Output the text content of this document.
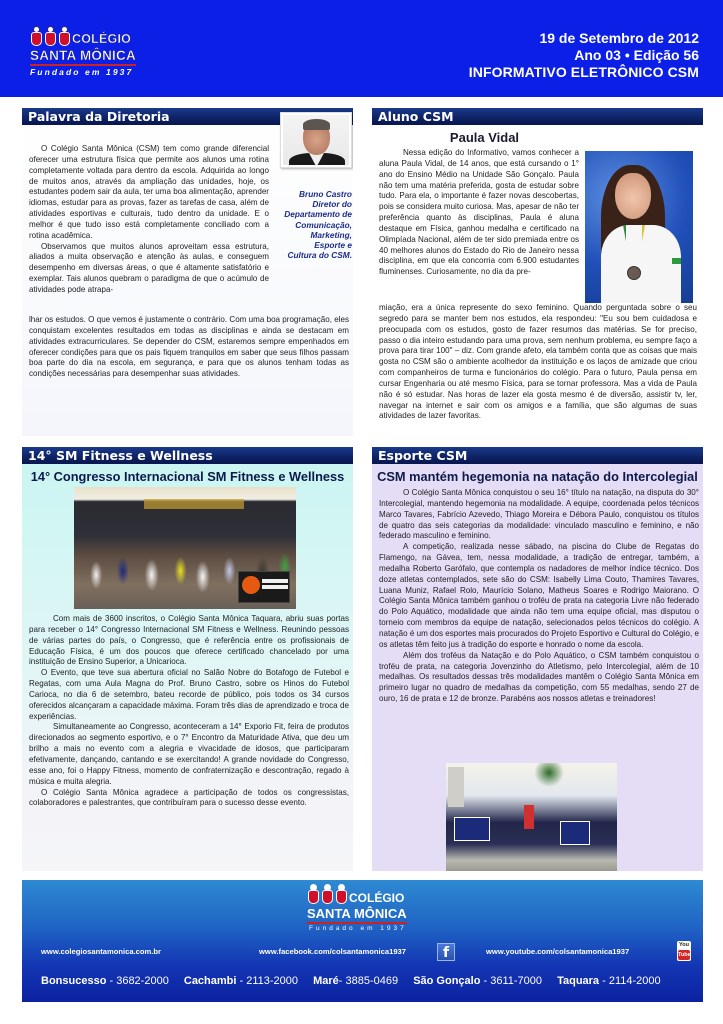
COLÉGIO
SANTA MÔNICA
Fundado em 1937
19 de Setembro de 2012
Ano 03 • Edição 56
INFORMATIVO ELETRÔNICO CSM
Palavra da Diretoria
Bruno Castro
Diretor do
Departamento de
Comunicação,
Marketing,
Esporte e
Cultura do CSM.

O Colégio Santa Mônica (CSM) tem como grande diferencial oferecer uma estrutura física que permite aos alunos uma rotina completamente voltada para dentro da escola. Adquirida ao longo de muitos anos, através da ampliação das unidades, hoje, os estudantes podem sair da aula, ter uma boa alimentação, aprender idiomas, estudar para as provas, fazer as tarefas de casa, além de atividades esportivas e culturais, tudo dentro da unidade. E o melhor é que tudo isso está completamente conciliado com a rotina acadêmica.

Observamos que muitos alunos aproveitam essa estrutura, aliados a muita observação e atenção às aulas, e conseguem desempenho em diversas áreas, o que é altamente satisfatório e exemplar. Tais alunos quebram o paradigma de que o acúmulo de atividades pode atrapa-

lhar os estudos. O que vemos é justamente o contrário. Com uma boa programação, eles conquistam excelentes resultados em todas as disciplinas e ainda se destacam em atividades extracurriculares. Se depender do CSM, estaremos sempre empenhados em oferecer condições para que os pais fiquem tranquilos em saber que seus filhos passam boa parte do dia na escola, em segurança, e para que os alunos tenham todas as condições necessárias para desempenhar suas atividades.
Aluno CSM
Paula Vidal

Nessa edição do Informativo, vamos conhecer a aluna Paula Vidal, de 14 anos, que está cursando o 1° ano do Ensino Médio na Unidade São Gonçalo. Paula não tem uma matéria preferida, gosta de estudar sobre tudo. Para ela, o importante é fazer novas descobertas, pois se considera muito curiosa. Mas, apesar de não ter preferência quanto às disciplinas, Paula é aluna destaque em Física, ganhou medalha e certificado na Olimpíada Nacional, além de ter sido premiada entre os 40 melhores alunos do Estado do Rio de Janeiro nessa disciplina, em que ela concorria com 6.900 estudantes fluminenses. Curiosamente, no dia da pre-

miação, era a única represente do sexo feminino. Quando perguntada sobre o seu segredo para se manter bem nos estudos, ela respondeu: "Eu sou bem cuidadosa e preocupada com os estudos, gosto de fazer resumos das matérias. Se for preciso, passo o dia inteiro estudando para uma prova, sem nenhum problema, eu sempre faço a prova para tirar 100" – diz. Com grande afeto, ela também conta que as coisas que mais gosta no CSM são o ambiente acolhedor da instituição e os laços de amizade que criou com companheiros de turma e funcionários do colégio. Para o futuro, Paula pensa em cursar Engenharia ou até mesmo Física, para se tornar professora. Mas a vida de Paula não é só estudar. Nas horas de lazer ela gosta mesmo é de diversão, assistir tv, ler, navegar na internet e sair com os amigos e a família, que são algumas de suas atividades de lazer favoritas.
14° SM Fitness e Wellness
14° Congresso Internacional SM Fitness e Wellness

Com mais de 3600 inscritos, o Colégio Santa Mônica Taquara, abriu suas portas para receber o 14° Congresso Internacional SM Fitness e Wellness. Reunindo pessoas de várias partes do país, o Congresso, que é referência entre os profissionais de Educação Física, é um dos poucos que oferece certificado chancelado por uma instituição de Ensino Superior, a Unicarioca.

O Evento, que teve sua abertura oficial no Salão Nobre do Botafogo de Futebol e Regatas, com uma Aula Magna do Prof. Bruno Castro, sobre os Hinos do Futebol Carioca, no dia 6 de setembro, bateu recorde de público, pois todos os 34 cursos oferecidos alcançaram a capacidade máxima. Foram três dias de aprendizado e troca de experiências.

Simultaneamente ao Congresso, aconteceram a 14° Exporio Fit, feira de produtos direcionados ao segmento esportivo, e o 7° Encontro da Maturidade Ativa, que deu um brilho a mais no evento com a alegria e vivacidade de idosos, que participaram efetivamente, dançando, cantando e se exercitando! A grande novidade do Congresso, esse ano, foi o Happy Fitness, momento de confraternização e descontração, regado à música e muita alegria.

O Colégio Santa Mônica agradece a participação de todos os congressistas, colaboradores e palestrantes, que contribuíram para o sucesso desse evento.

Esporte CSM
CSM mantém hegemonia na natação do Intercolegial

O Colégio Santa Mônica conquistou o seu 16° título na natação, na disputa do 30° Intercolegial, mantendo hegemonia na modalidade. A equipe, coordenada pelos técnicos Marco Tavares, Fabrício Azevedo, Thiago Moreira e Débora Paulo, conquistou os títulos de quatro das seis categorias da modalidade: vinculado masculino e feminino, e não federado masculino e feminino.

A competição, realizada nesse sábado, na piscina do Clube de Regatas do Flamengo, na Gávea, tem, nessa modalidade, a tradição de entregar, também, a medalha Roberto Garófalo, que contempla os nadadores de melhor índice técnico. Dos doze atletas contemplados, sete são do CSM: Isabelly Lima Couto, Thamires Tavares, Luana Muniz, Rafael Rolo, Maurício Solano, Matheus Soares e Rodrigo Maiorano. O Colégio Santa Mônica também ganhou o troféu de prata na categoria Livre não federado do Polo Aquático, modalidade que ainda não tem uma equipe oficial, mas disputou o torneio com membros da equipe de natação, selecionados pelos técnicos do colégio. A natação é um dos esportes mais procurados do Projeto Esportivo e Cultural do Colégio, e os atletas têm feito jus à tradição do esporte e honrado o nome da escola.

Além dos troféus da Natação e do Polo Aquático, o CSM também conquistou o troféu de prata, na categoria Jovenzinho do Atletismo, pelo Intercolegial, além de 10 medalhas. Os resultados dessas três modalidades mantêm o Colégio Santa Mônica em primeiro lugar no quadro de medalhas da competição, com 55 medalhas, sendo 27 de ouro, 16 de prata e 12 de bronze. Parabéns aos nossos atletas e treinadores!

COLÉGIO
SANTA MÔNICA
Fundado em 1937
www.colegiosantamonica.com.br	www.facebook.com/colsantamonica1937	f	www.youtube.com/colsantamonica1937
You
Tube
Bonsucesso - 3682-2000 Cachambi - 2113-2000 Maré- 3885-0469 São Gonçalo - 3611-7000 Taquara - 2114-2000
